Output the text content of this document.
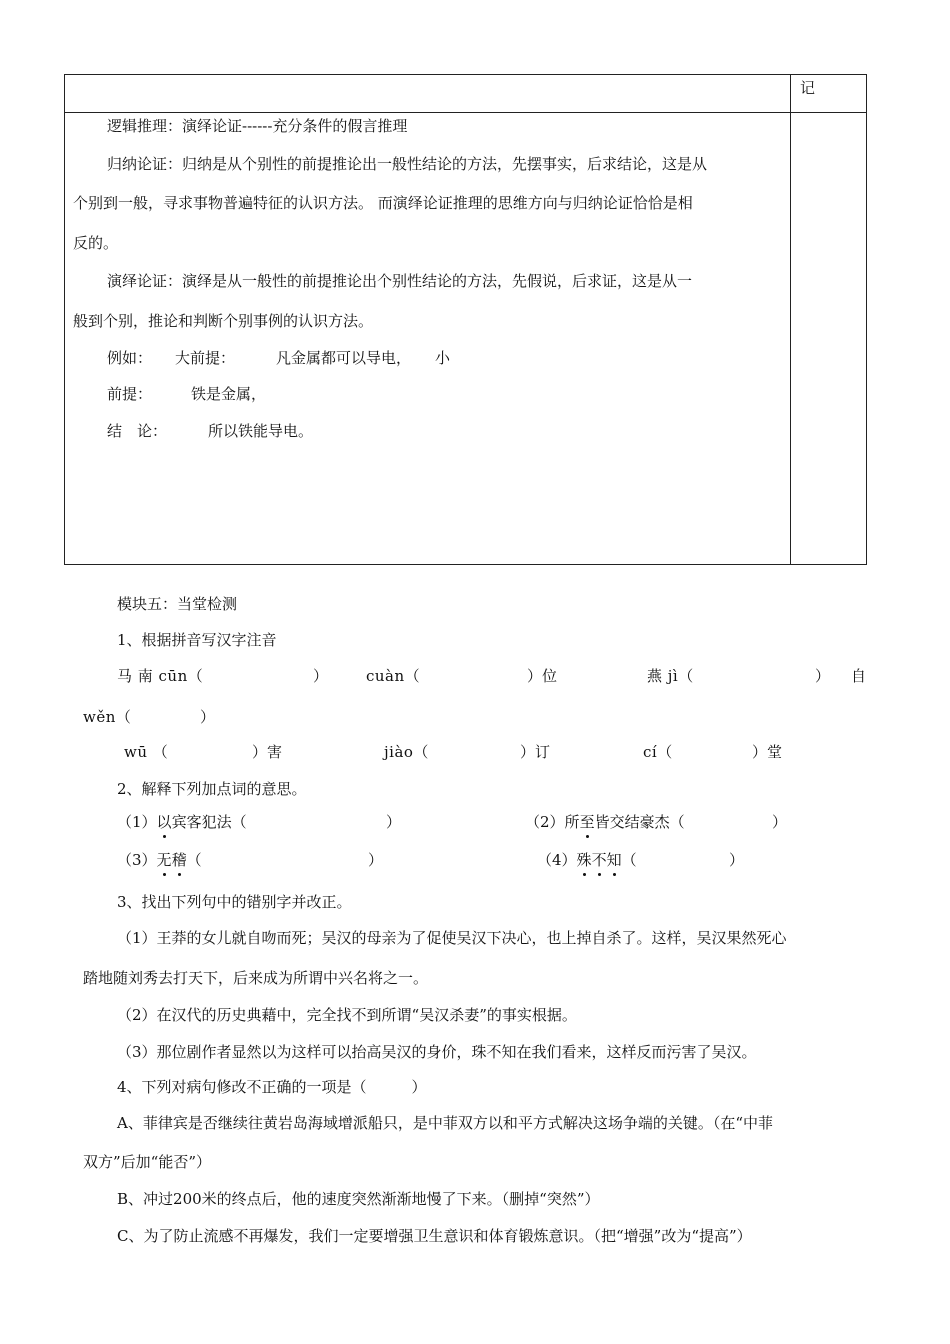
记
逻辑推理：演绎论证------充分条件的假言推理
归纳论证：归纳是从个别性的前提推论出一般性结论的方法，先摆事实，后求结论，这是从
个别到一般，寻求事物普遍特征的认识方法。 而演绎论证推理的思维方向与归纳论证恰恰是相
反的。
演绎论证：演绎是从一般性的前提推论出个别性结论的方法，先假说，后求证，这是从一
般到个别，推论和判断个别事例的认识方法。
例如： 大前提：	凡金属都可以导电， 小
前提：	铁是金属，
结　论：	所以铁能导电。
模块五：当堂检测
1、根据拼音写汉字注音
马 南 cūn（	）	cuàn（	）位	燕 jì（	） 自
wěn（	）
wū （	）害	jiào（	）订	cí（	）堂
2、解释下列加点词的意思。
（1）以宾客犯法（	）	（2）所至皆交结豪杰（	）
（3）无稽（	）	（4）殊不知（	）
3、找出下列句中的错别字并改正。
（1）王莽的女儿就自吻而死；吴汉的母亲为了促使吴汉下决心，也上掉自杀了。这样，吴汉果然死心
踏地随刘秀去打天下，后来成为所谓中兴名将之一。
（2）在汉代的历史典藉中，完全找不到所谓“吴汉杀妻”的事实根据。
（3）那位剧作者显然以为这样可以抬高吴汉的身价，珠不知在我们看来，这样反而污害了吴汉。
4、下列对病句修改不正确的一项是（　　　）
A、菲律宾是否继续往黄岩岛海域增派船只，是中菲双方以和平方式解决这场争端的关键。（在“中菲
双方”后加“能否”）
B、冲过200米的终点后，他的速度突然渐渐地慢了下来。（删掉“突然”）
C、为了防止流感不再爆发，我们一定要增强卫生意识和体育锻炼意识。（把“增强”改为“提高”）
